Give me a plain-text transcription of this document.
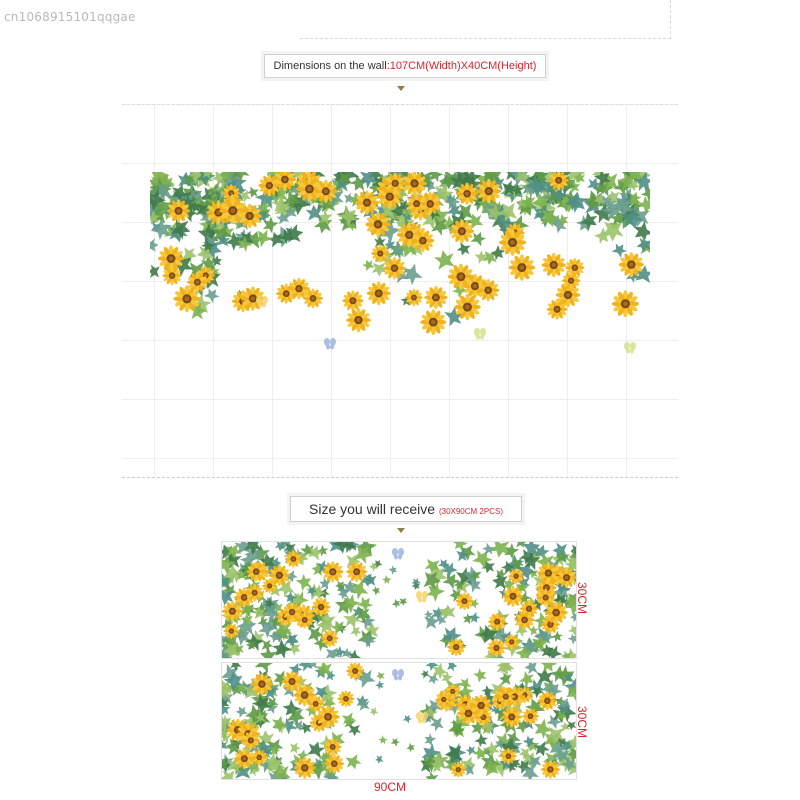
cn1068915101qqgae
Dimensions on the wall:107CM(Width)X40CM(Height)
Size you will receive (30X90CM 2PCS)
30CM
30CM
90CM
